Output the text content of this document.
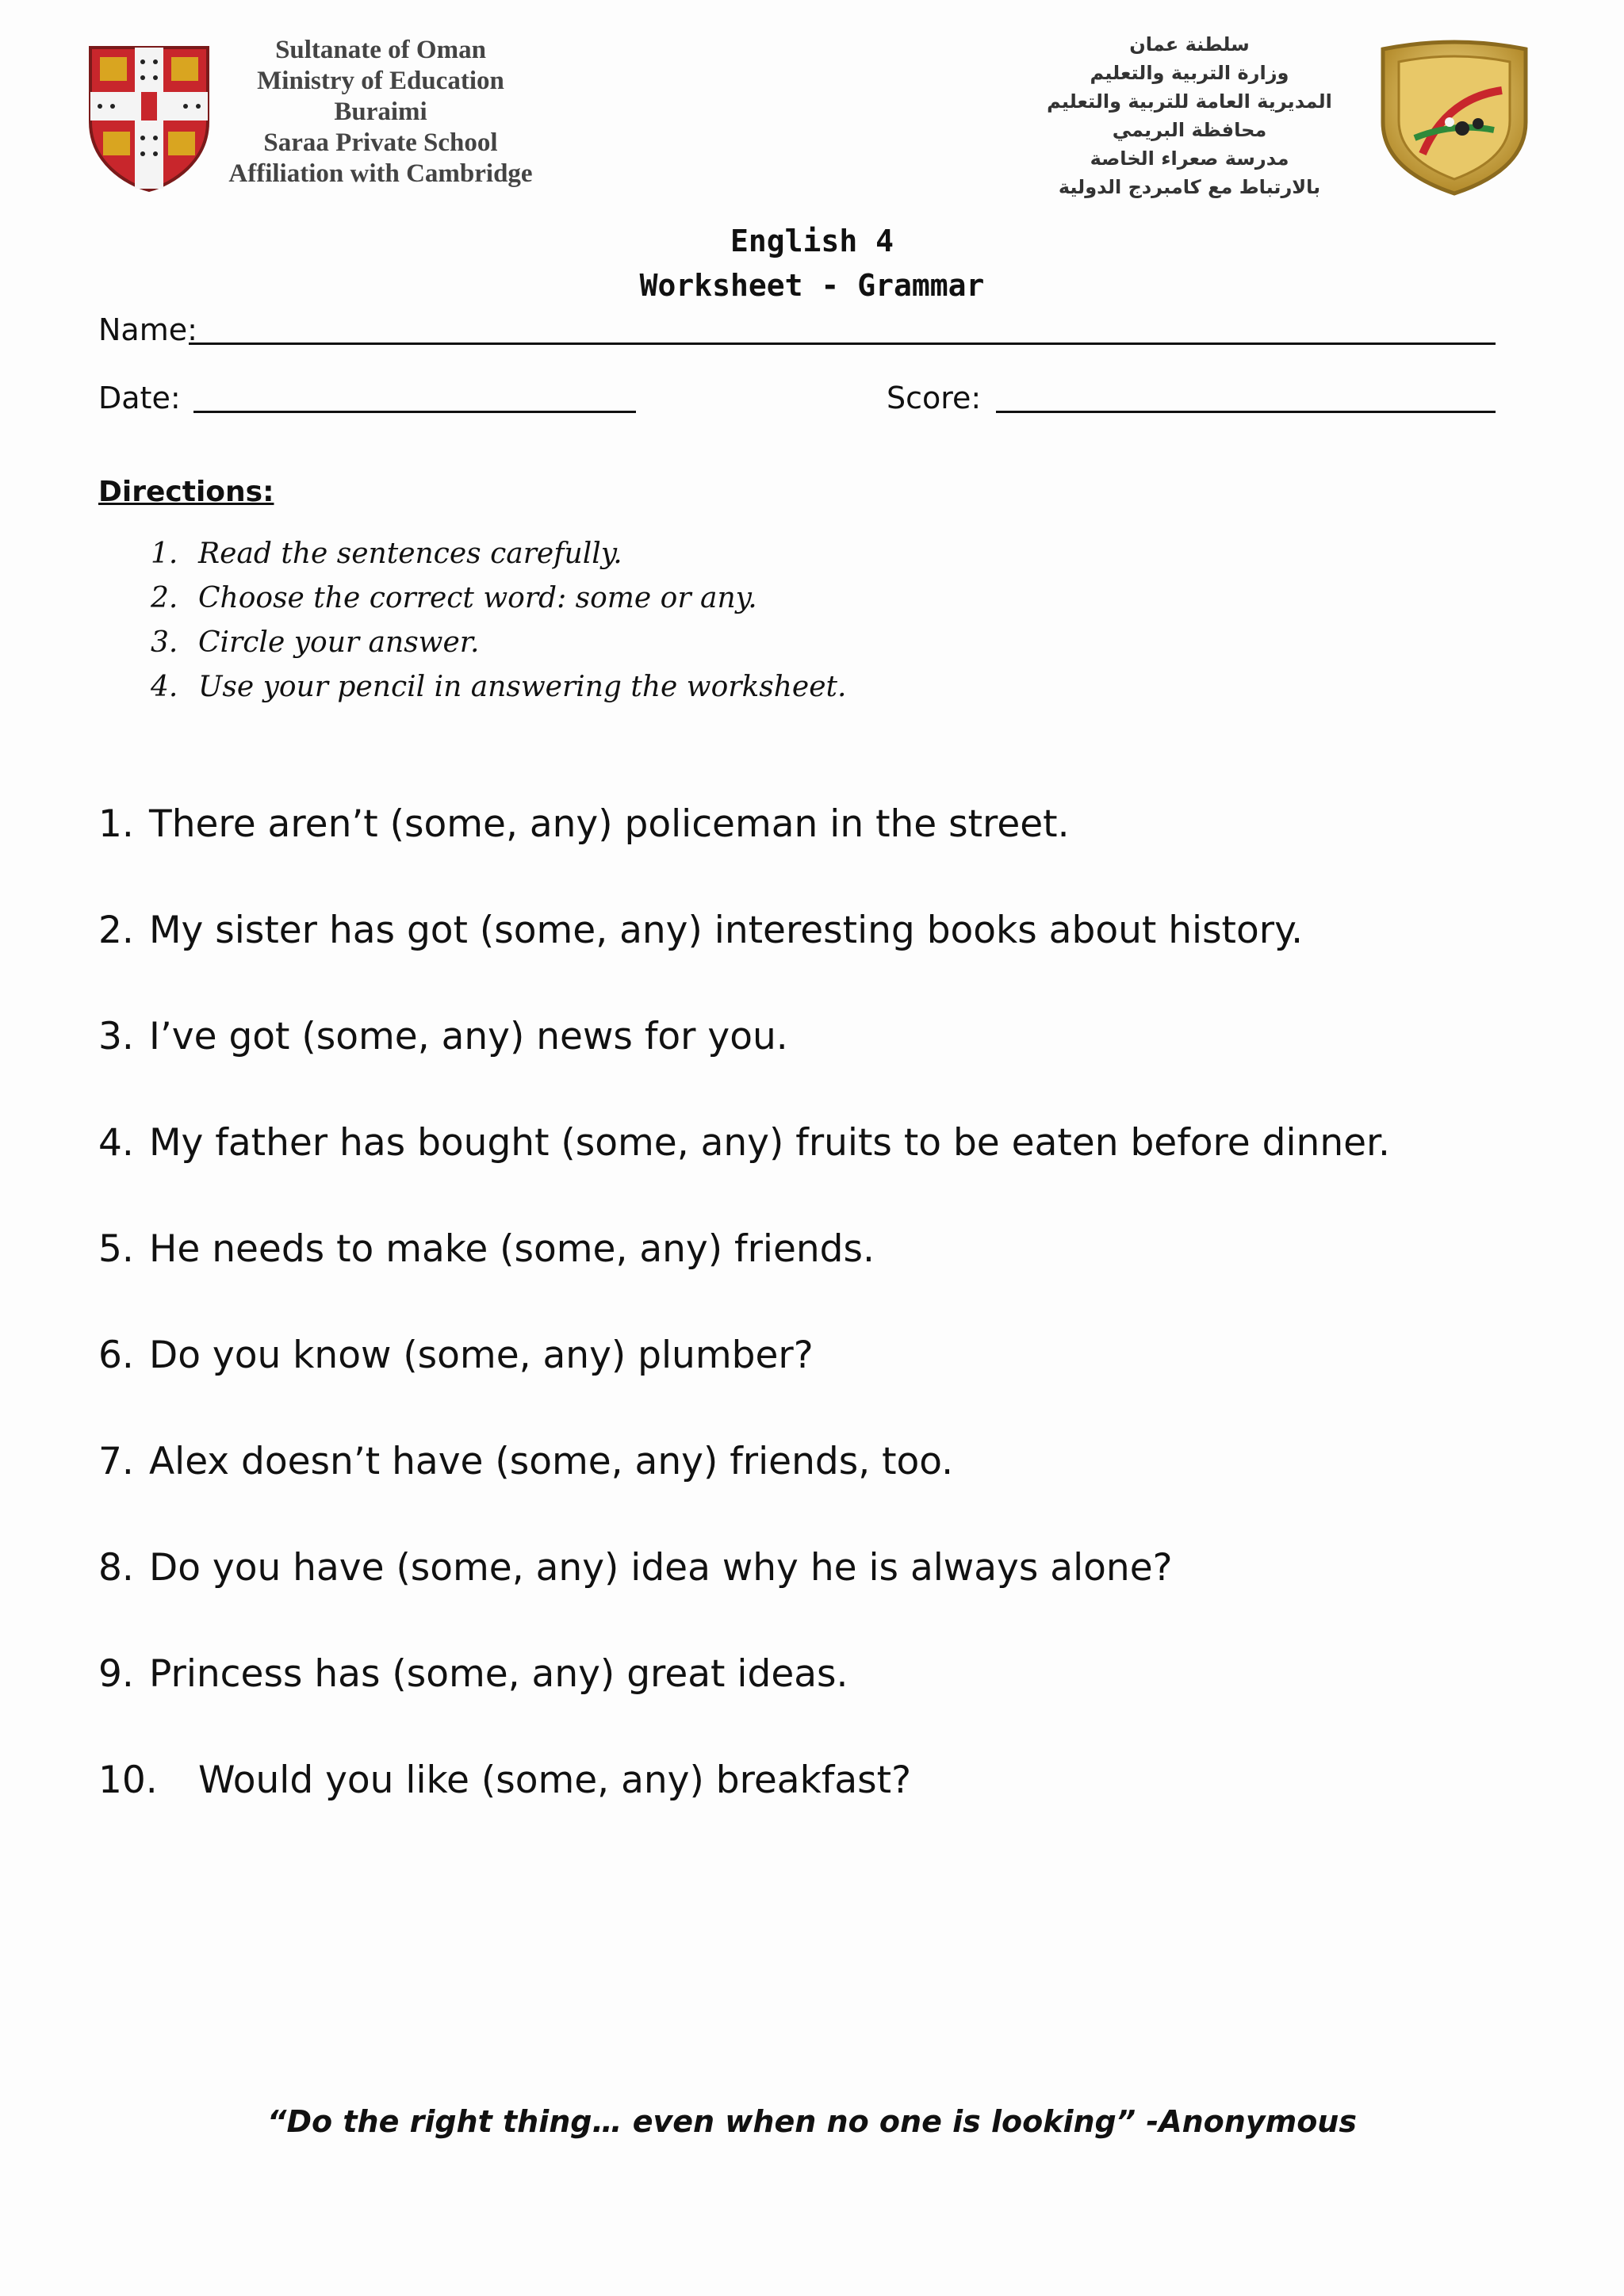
Sultanate of Oman
Ministry of Education
Buraimi
Saraa Private School
Affiliation with Cambridge
سلطنة عمان
وزارة التربية والتعليم
المديرية العامة للتربية والتعليم
محافظة البريمي
مدرسة صعراء الخاصة
بالارتباط مع كامبردج الدولية
English 4
Worksheet - Grammar
Name:
Date:	Score:
Directions:
1. Read the sentences carefully.
2. Choose the correct word: some or any.
3. Circle your answer.
4. Use your pencil in answering the worksheet.
1. There aren’t (some, any) policeman in the street.
2. My sister has got (some, any) interesting books about history.
3. I’ve got (some, any) news for you.
4. My father has bought (some, any) fruits to be eaten before dinner.
5. He needs to make (some, any) friends.
6. Do you know (some, any) plumber?
7. Alex doesn’t have (some, any) friends, too.
8. Do you have (some, any) idea why he is always alone?
9. Princess has (some, any) great ideas.
10. Would you like (some, any) breakfast?
“Do the right thing… even when no one is looking” -Anonymous
